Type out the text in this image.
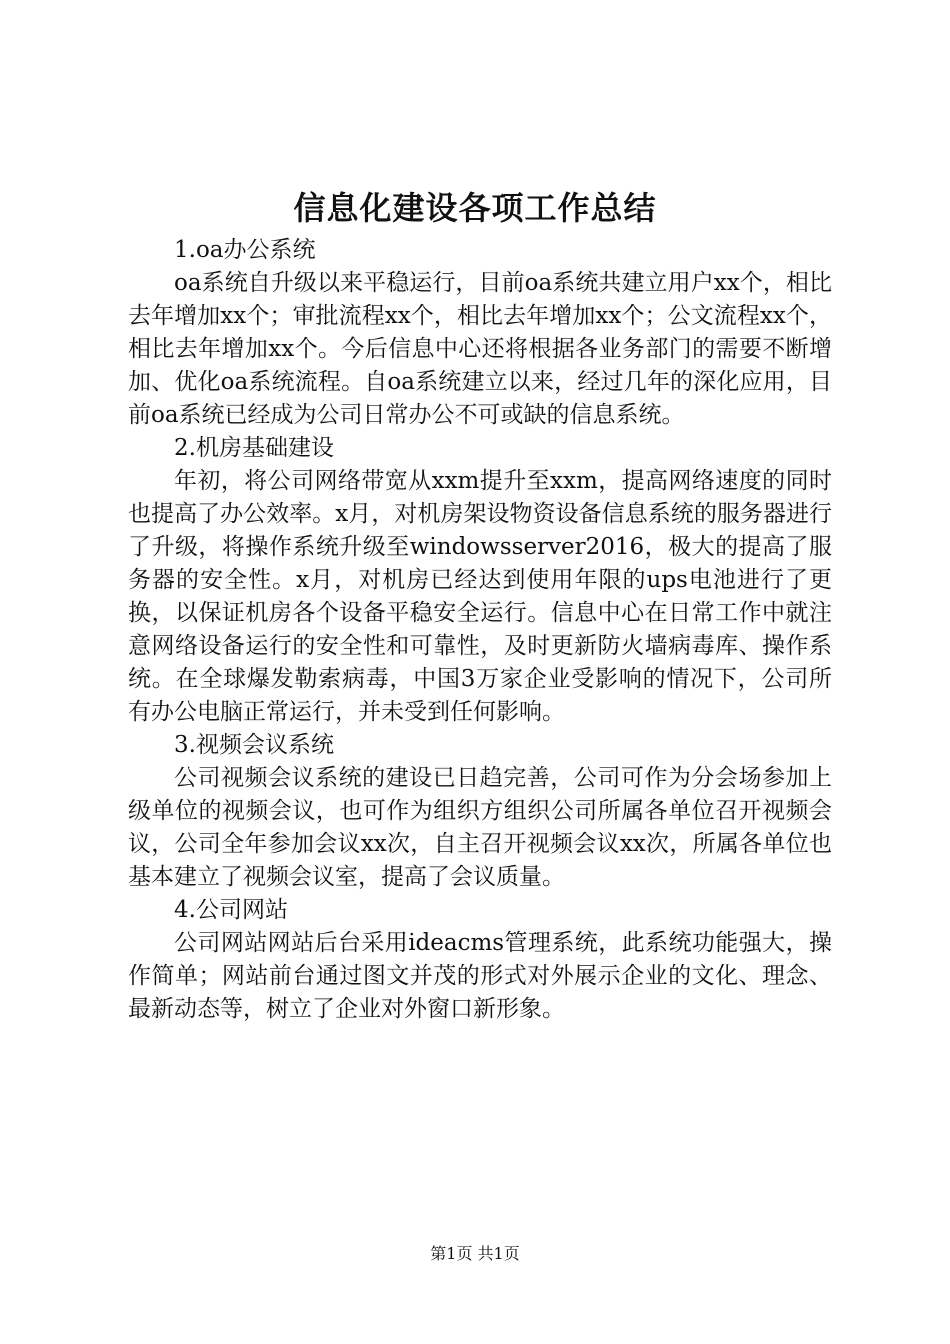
信息化建设各项工作总结

1.oa办公系统

oa系统自升级以来平稳运行，目前oa系统共建立用户xx个，相比去年增加xx个；审批流程xx个，相比去年增加xx个；公文流程xx个，相比去年增加xx个。今后信息中心还将根据各业务部门的需要不断增加、优化oa系统流程。自oa系统建立以来，经过几年的深化应用，目前oa系统已经成为公司日常办公不可或缺的信息系统。

2.机房基础建设

年初，将公司网络带宽从xxm提升至xxm，提高网络速度的同时也提高了办公效率。x月，对机房架设物资设备信息系统的服务器进行了升级，将操作系统升级至windowsserver2016，极大的提高了服务器的安全性。x月，对机房已经达到使用年限的ups电池进行了更换，以保证机房各个设备平稳安全运行。信息中心在日常工作中就注意网络设备运行的安全性和可靠性，及时更新防火墙病毒库、操作系统。在全球爆发勒索病毒，中国3万家企业受影响的情况下，公司所有办公电脑正常运行，并未受到任何影响。

3.视频会议系统

公司视频会议系统的建设已日趋完善，公司可作为分会场参加上级单位的视频会议，也可作为组织方组织公司所属各单位召开视频会议，公司全年参加会议xx次，自主召开视频会议xx次，所属各单位也基本建立了视频会议室，提高了会议质量。

4.公司网站

公司网站网站后台采用ideacms管理系统，此系统功能强大，操作简单；网站前台通过图文并茂的形式对外展示企业的文化、理念、最新动态等，树立了企业对外窗口新形象。

第1页 共1页
